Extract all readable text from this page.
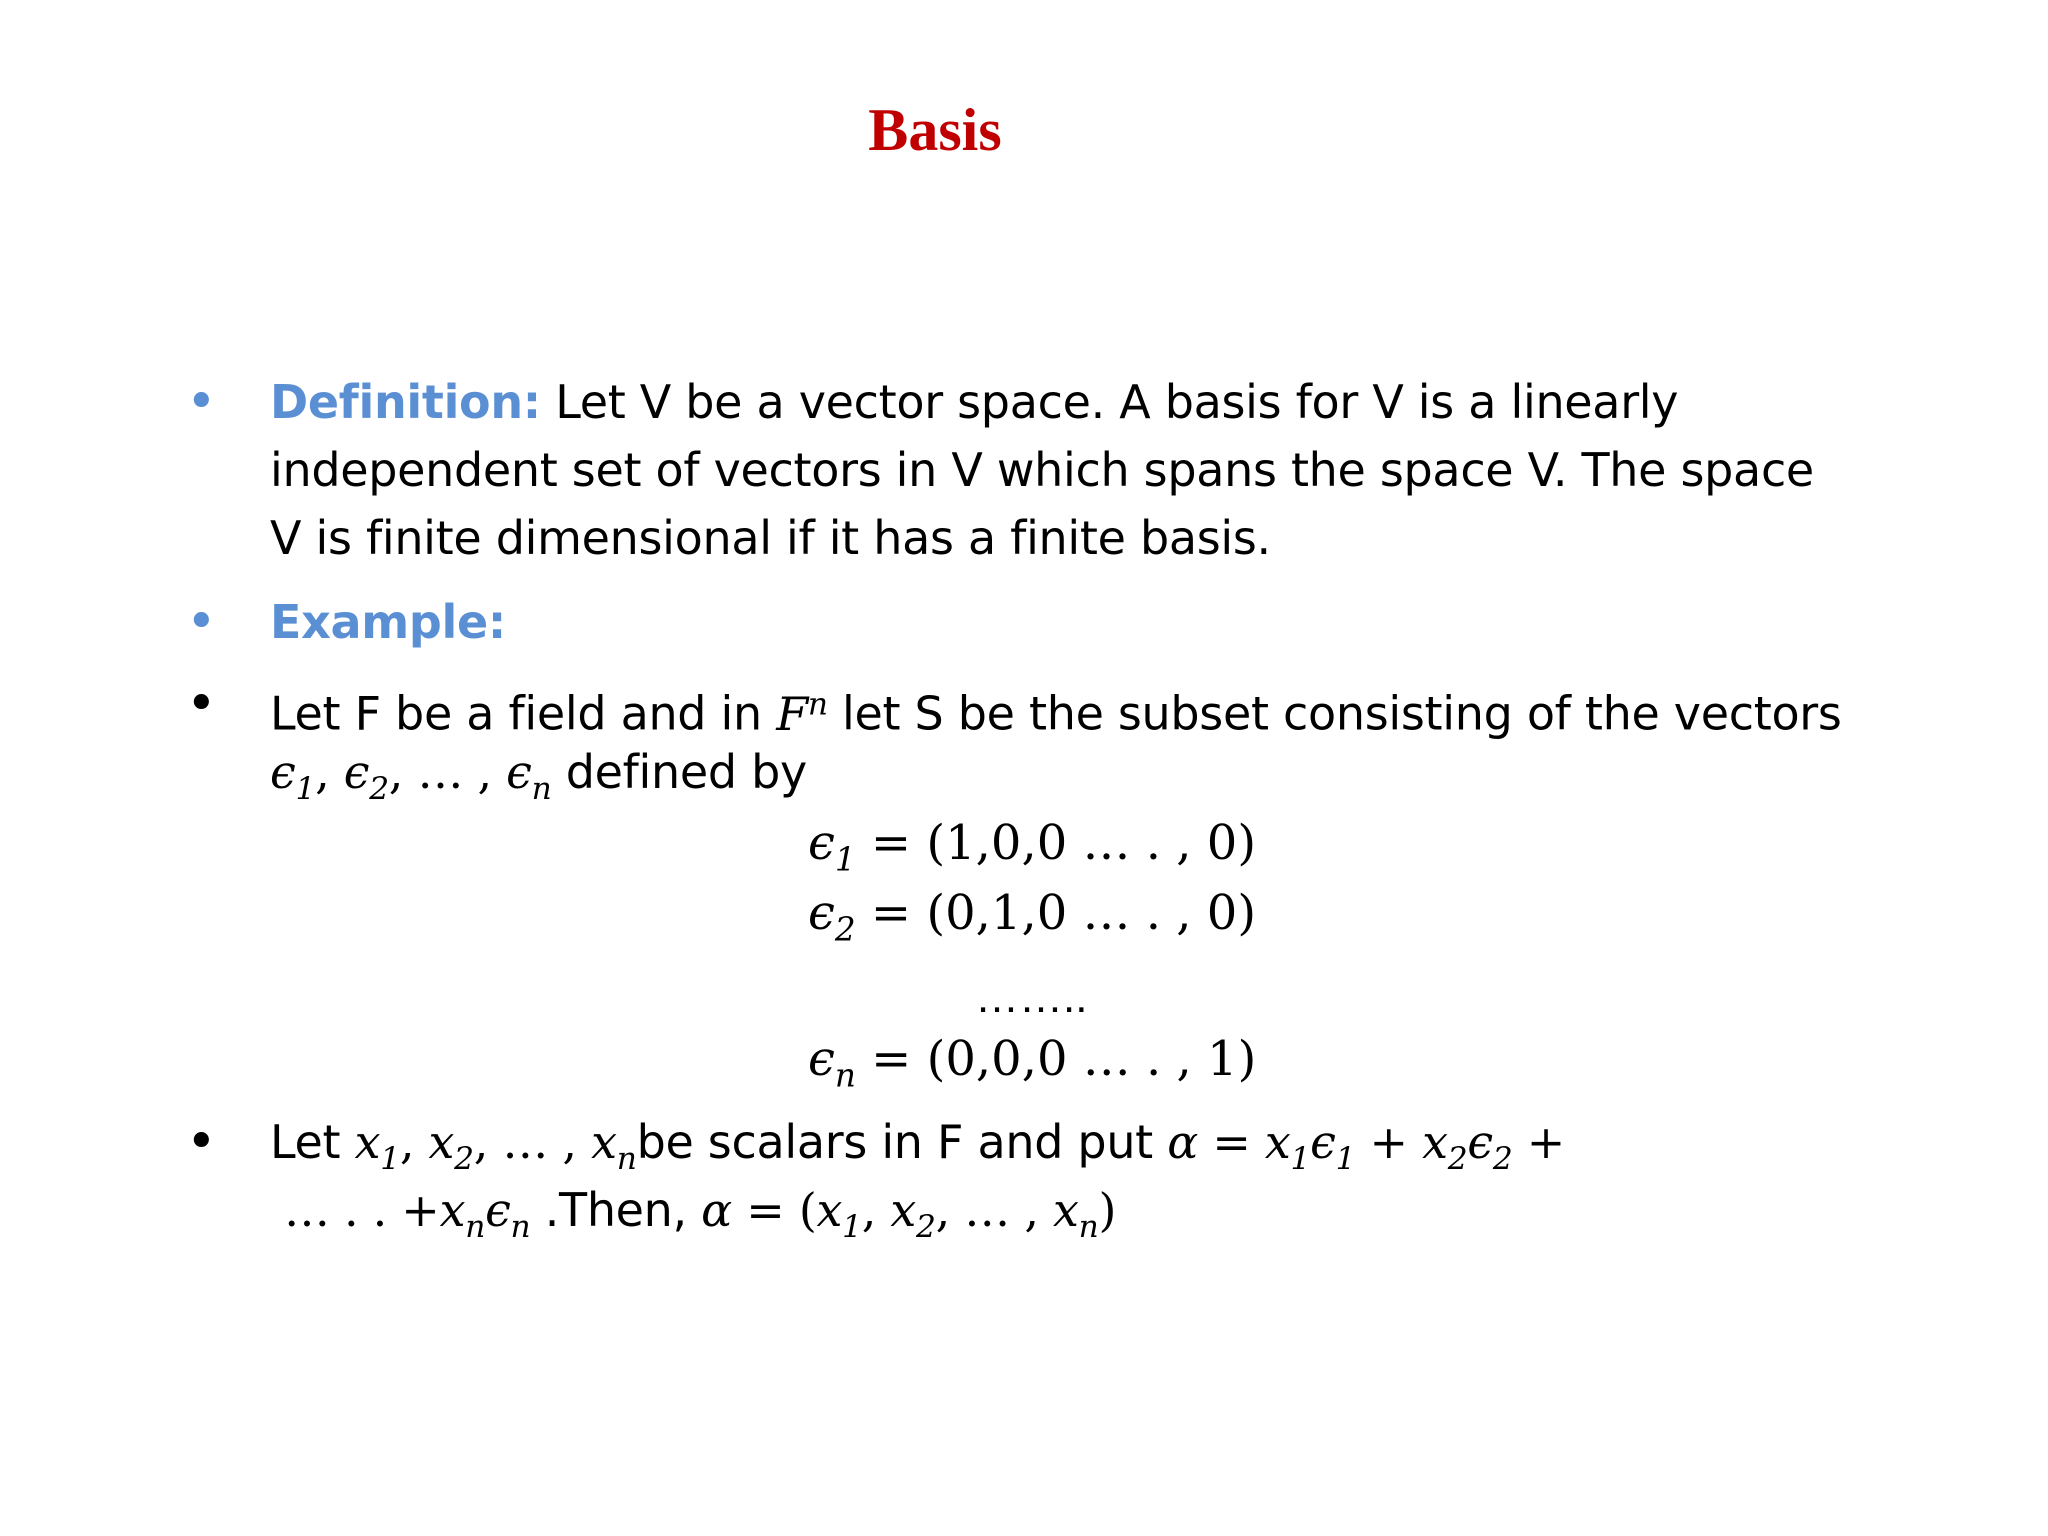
Basis
• Definition: Let V be a vector space. A basis for V is a linearly
independent set of vectors in V which spans the space V. The space
V is finite dimensional if it has a finite basis.
• Example:
• Let F be a field and in $F^n$ let S be the subset consisting of the vectors
$\epsilon_1$, $\epsilon_2$, … , $\epsilon_n$ defined by
$\epsilon_1 = (1,0,0$ … . , 0)
$\epsilon_2 = (0,1,0$ … . , 0)
……..
$\epsilon_n = (0,0,0$ … . , 1)
• Let $x_1$, $x_2$, … , $x_nbe$ scalars in F and put $\alpha = x_1\epsilon_1 + x_2\epsilon_2$ +
… . . $+x_n\epsilon_n$ .Then, $\alpha = (x_1$, $x_2$, … , $x_n$)
